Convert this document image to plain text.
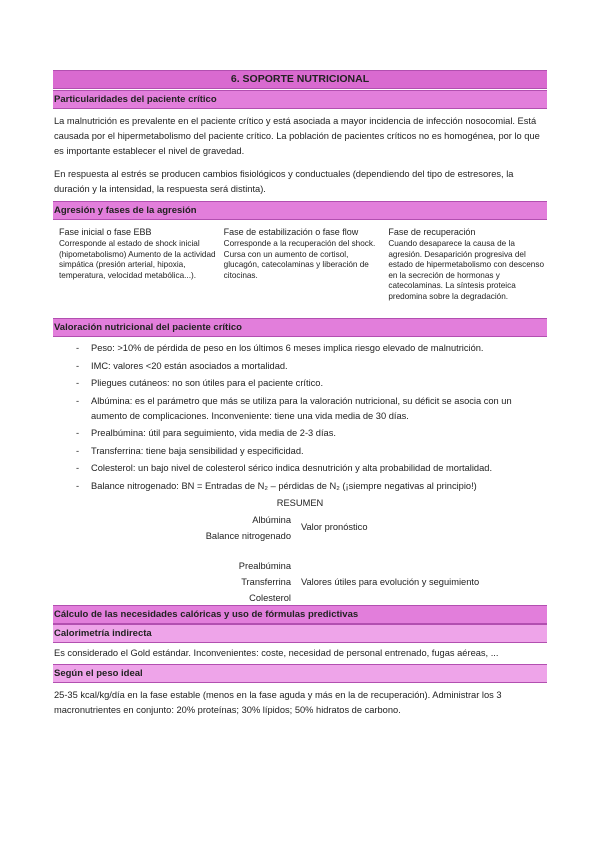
6. SOPORTE NUTRICIONAL
Particularidades del paciente crítico

La malnutrición es prevalente en el paciente crítico y está asociada a mayor incidencia de infección nosocomial. Está causada por el hipermetabolismo del paciente crítico. La población de pacientes críticos no es homogénea, por lo que es importante establecer el nivel de gravedad.

En respuesta al estrés se producen cambios fisiológicos y conductuales (dependiendo del tipo de estresores, la duración y la intensidad, la respuesta será distinta).

Agresión y fases de la agresión
Fase inicial o fase EBB
Corresponde al estado de shock inicial (hipometabolismo) Aumento de la actividad simpática (presión arterial, hipoxia, temperatura, velocidad metabólica...).
Fase de estabilización o fase flow
Corresponde a la recuperación del shock. Cursa con un aumento de cortisol, glucagón, catecolaminas y liberación de citocinas.
Fase de recuperación
Cuando desaparece la causa de la agresión. Desaparición progresiva del estado de hipermetabolismo con descenso en la secreción de hormonas y catecolaminas. La síntesis proteica predomina sobre la degradación.
Valoración nutricional del paciente crítico
- Peso: >10% de pérdida de peso en los últimos 6 meses implica riesgo elevado de malnutrición.
- IMC: valores <20 están asociados a mortalidad.
- Pliegues cutáneos: no son útiles para el paciente crítico.
- Albúmina: es el parámetro que más se utiliza para la valoración nutricional, su déficit se asocia con un aumento de complicaciones. Inconveniente: tiene una vida media de 30 días.
- Prealbúmina: útil para seguimiento, vida media de 2-3 días.
- Transferrina: tiene baja sensibilidad y especificidad.
- Colesterol: un bajo nivel de colesterol sérico indica desnutrición y alta probabilidad de mortalidad.
- Balance nitrogenado: BN = Entradas de N₂ – pérdidas de N₂ (¡siempre negativas al principio!)
RESUMEN
Albúmina
Balance nitrogenado
Valor pronóstico
Prealbúmina
Transferrina
Colesterol
Valores útiles para evolución y seguimiento
Cálculo de las necesidades calóricas y uso de fórmulas predictivas
Calorimetría indirecta

Es considerado el Gold estándar. Inconvenientes: coste, necesidad de personal entrenado, fugas aéreas, ...

Según el peso ideal

25-35 kcal/kg/día en la fase estable (menos en la fase aguda y más en la de recuperación). Administrar los 3 macronutrientes en conjunto: 20% proteínas; 30% lípidos; 50% hidratos de carbono.
